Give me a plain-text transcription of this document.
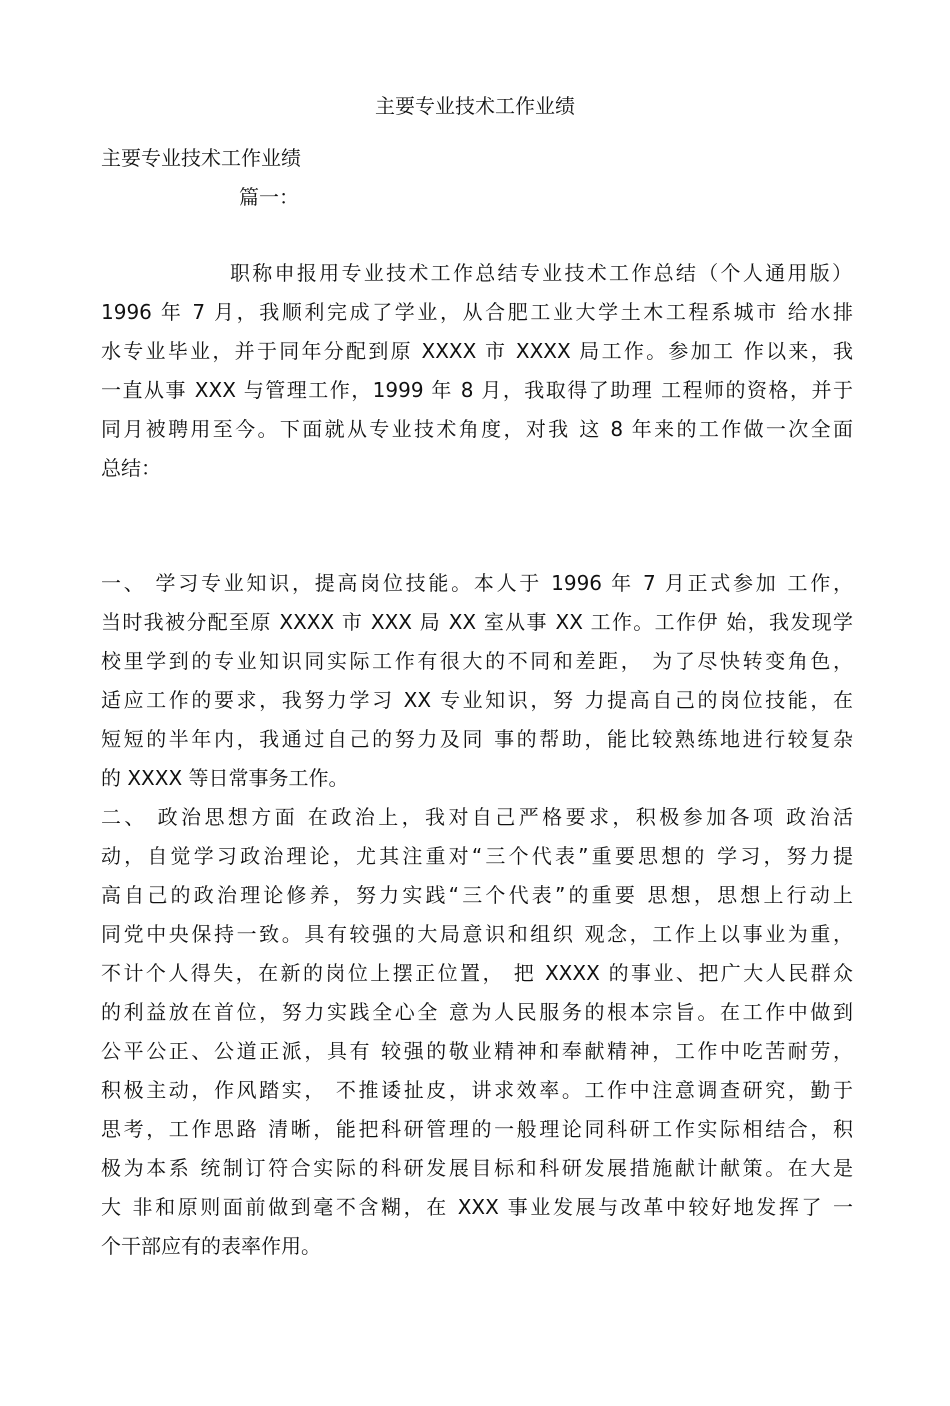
主要专业技术工作业绩
主要专业技术工作业绩
篇一：
职称申报用专业技术工作总结专业技术工作总结（个人通用版）
1996 年 7 月，我顺利完成了学业，从合肥工业大学土木工程系城市 给水排
水专业毕业，并于同年分配到原 XXXX 市 XXXX 局工作。参加工 作以来，我
一直从事 XXX 与管理工作，1999 年 8 月，我取得了助理 工程师的资格，并于
同月被聘用至今。下面就从专业技术角度，对我 这 8 年来的工作做一次全面
总结：
一、 学习专业知识，提高岗位技能。本人于 1996 年 7 月正式参加 工作，
当时我被分配至原 XXXX 市 XXX 局 XX 室从事 XX 工作。工作伊 始，我发现学
校里学到的专业知识同实际工作有很大的不同和差距， 为了尽快转变角色，
适应工作的要求，我努力学习 XX 专业知识，努 力提高自己的岗位技能，在
短短的半年内，我通过自己的努力及同 事的帮助，能比较熟练地进行较复杂
的 XXXX 等日常事务工作。
二、 政治思想方面 在政治上，我对自己严格要求，积极参加各项 政治活
动，自觉学习政治理论，尤其注重对“三个代表”重要思想的 学习，努力提
高自己的政治理论修养，努力实践“三个代表”的重要 思想，思想上行动上
同党中央保持一致。具有较强的大局意识和组织 观念，工作上以事业为重，
不计个人得失，在新的岗位上摆正位置， 把 XXXX 的事业、把广大人民群众
的利益放在首位，努力实践全心全 意为人民服务的根本宗旨。在工作中做到
公平公正、公道正派，具有 较强的敬业精神和奉献精神，工作中吃苦耐劳，
积极主动，作风踏实， 不推诿扯皮，讲求效率。工作中注意调查研究，勤于
思考，工作思路 清晰，能把科研管理的一般理论同科研工作实际相结合，积
极为本系 统制订符合实际的科研发展目标和科研发展措施献计献策。在大是
大 非和原则面前做到毫不含糊，在 XXX 事业发展与改革中较好地发挥了 一
个干部应有的表率作用。
